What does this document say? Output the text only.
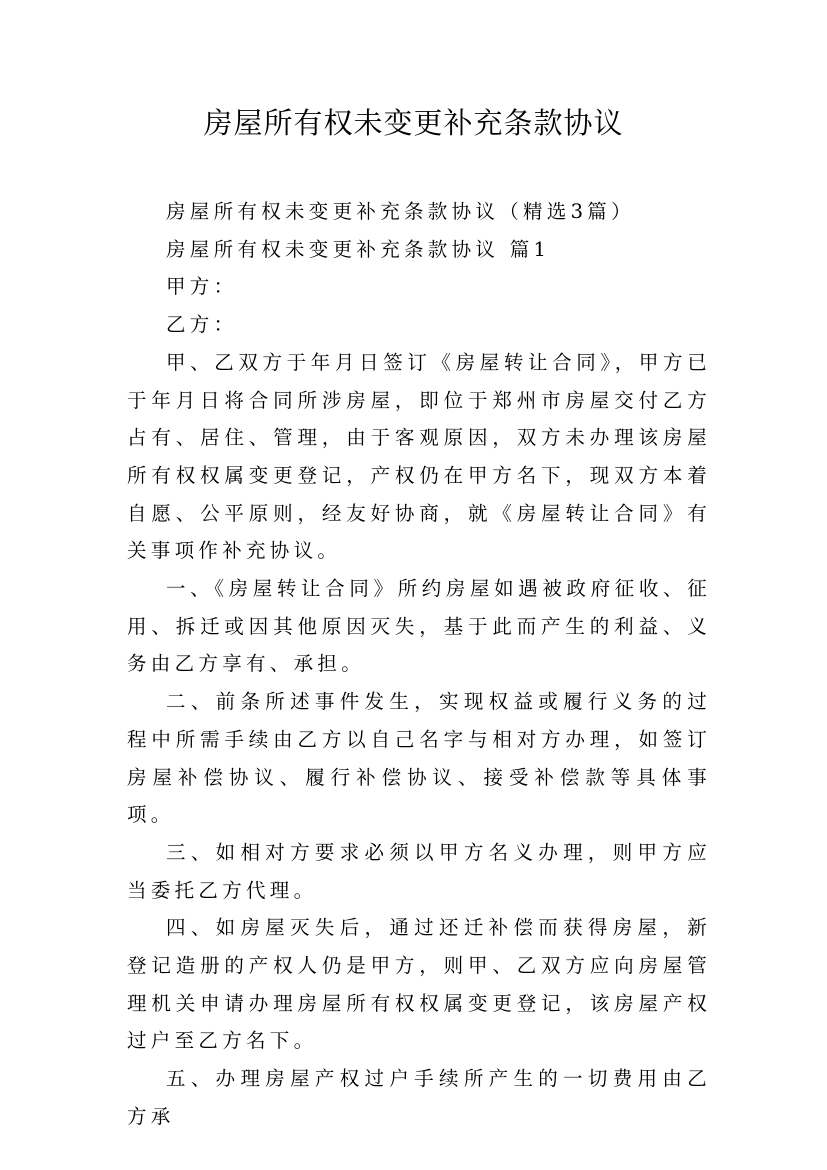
房屋所有权未变更补充条款协议

房屋所有权未变更补充条款协议（精选3篇）

房屋所有权未变更补充条款协议 篇1

甲方：

乙方：

甲、乙双方于年月日签订《房屋转让合同》，甲方已于年月日将合同所涉房屋，即位于郑州市房屋交付乙方占有、居住、管理，由于客观原因，双方未办理该房屋所有权权属变更登记，产权仍在甲方名下，现双方本着自愿、公平原则，经友好协商，就《房屋转让合同》有关事项作补充协议。

一、《房屋转让合同》所约房屋如遇被政府征收、征用、拆迁或因其他原因灭失，基于此而产生的利益、义务由乙方享有、承担。

二、前条所述事件发生，实现权益或履行义务的过程中所需手续由乙方以自己名字与相对方办理，如签订房屋补偿协议、履行补偿协议、接受补偿款等具体事项。

三、如相对方要求必须以甲方名义办理，则甲方应当委托乙方代理。

四、如房屋灭失后，通过还迁补偿而获得房屋，新登记造册的产权人仍是甲方，则甲、乙双方应向房屋管理机关申请办理房屋所有权权属变更登记，该房屋产权过户至乙方名下。

五、办理房屋产权过户手续所产生的一切费用由乙方承
